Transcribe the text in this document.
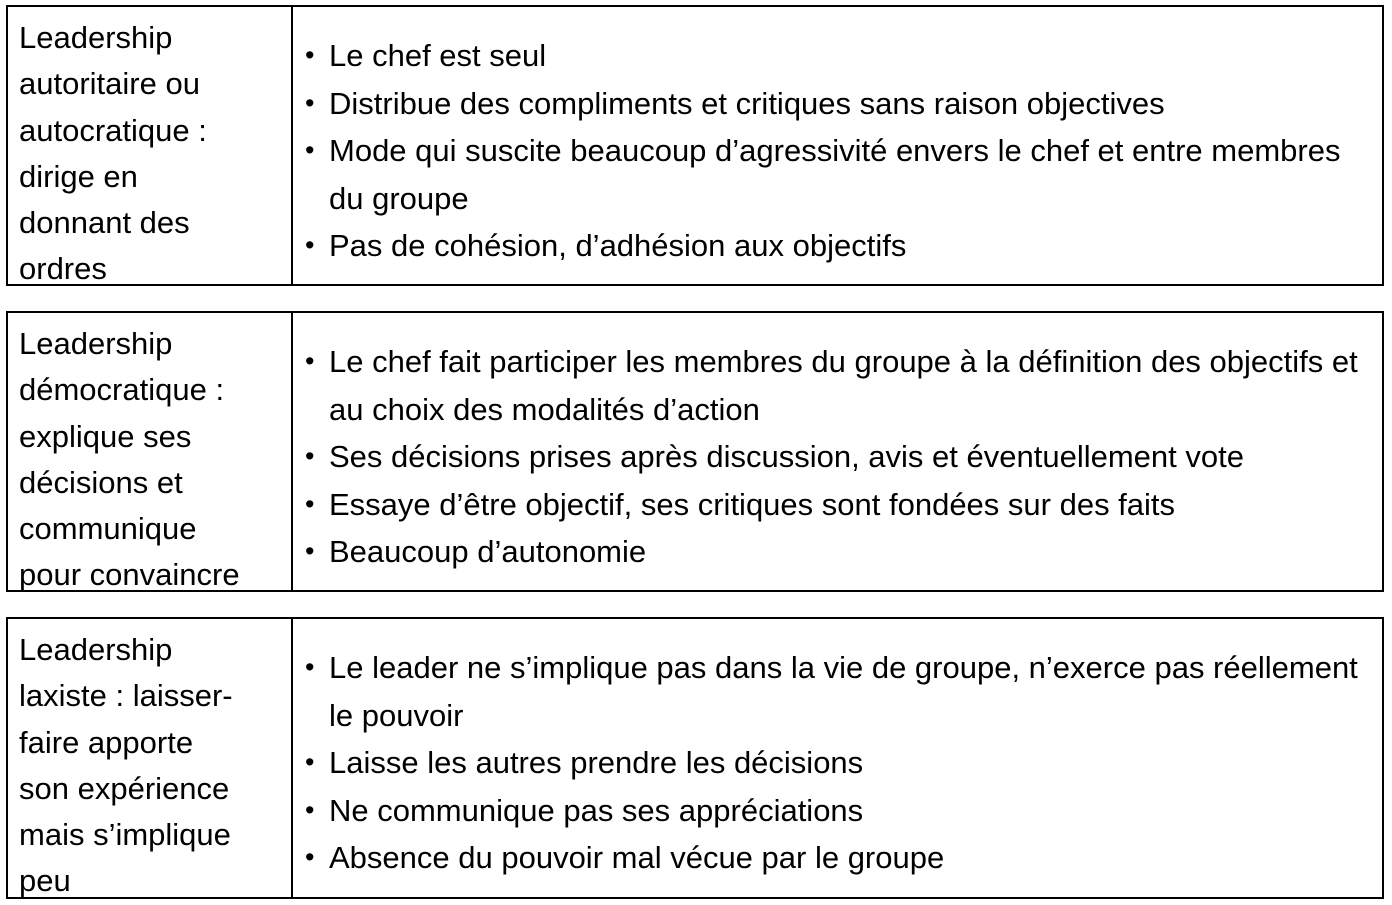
Leadership
autoritaire ou
autocratique :
dirige en
donnant des
ordres
• Le chef est seul
• Distribue des compliments et critiques sans raison objectives
• Mode qui suscite beaucoup d’agressivité envers le chef et entre membres du groupe
• Pas de cohésion, d’adhésion aux objectifs
Leadership
démocratique :
explique ses
décisions et
communique
pour convaincre
• Le chef fait participer les membres du groupe à la définition des objectifs et au choix des modalités d’action
• Ses décisions prises après discussion, avis et éventuellement vote
• Essaye d’être objectif, ses critiques sont fondées sur des faits
• Beaucoup d’autonomie
Leadership
laxiste : laisser-
faire apporte
son expérience
mais s’implique
peu
• Le leader ne s’implique pas dans la vie de groupe, n’exerce pas réellement le pouvoir
• Laisse les autres prendre les décisions
• Ne communique pas ses appréciations
• Absence du pouvoir mal vécue par le groupe
